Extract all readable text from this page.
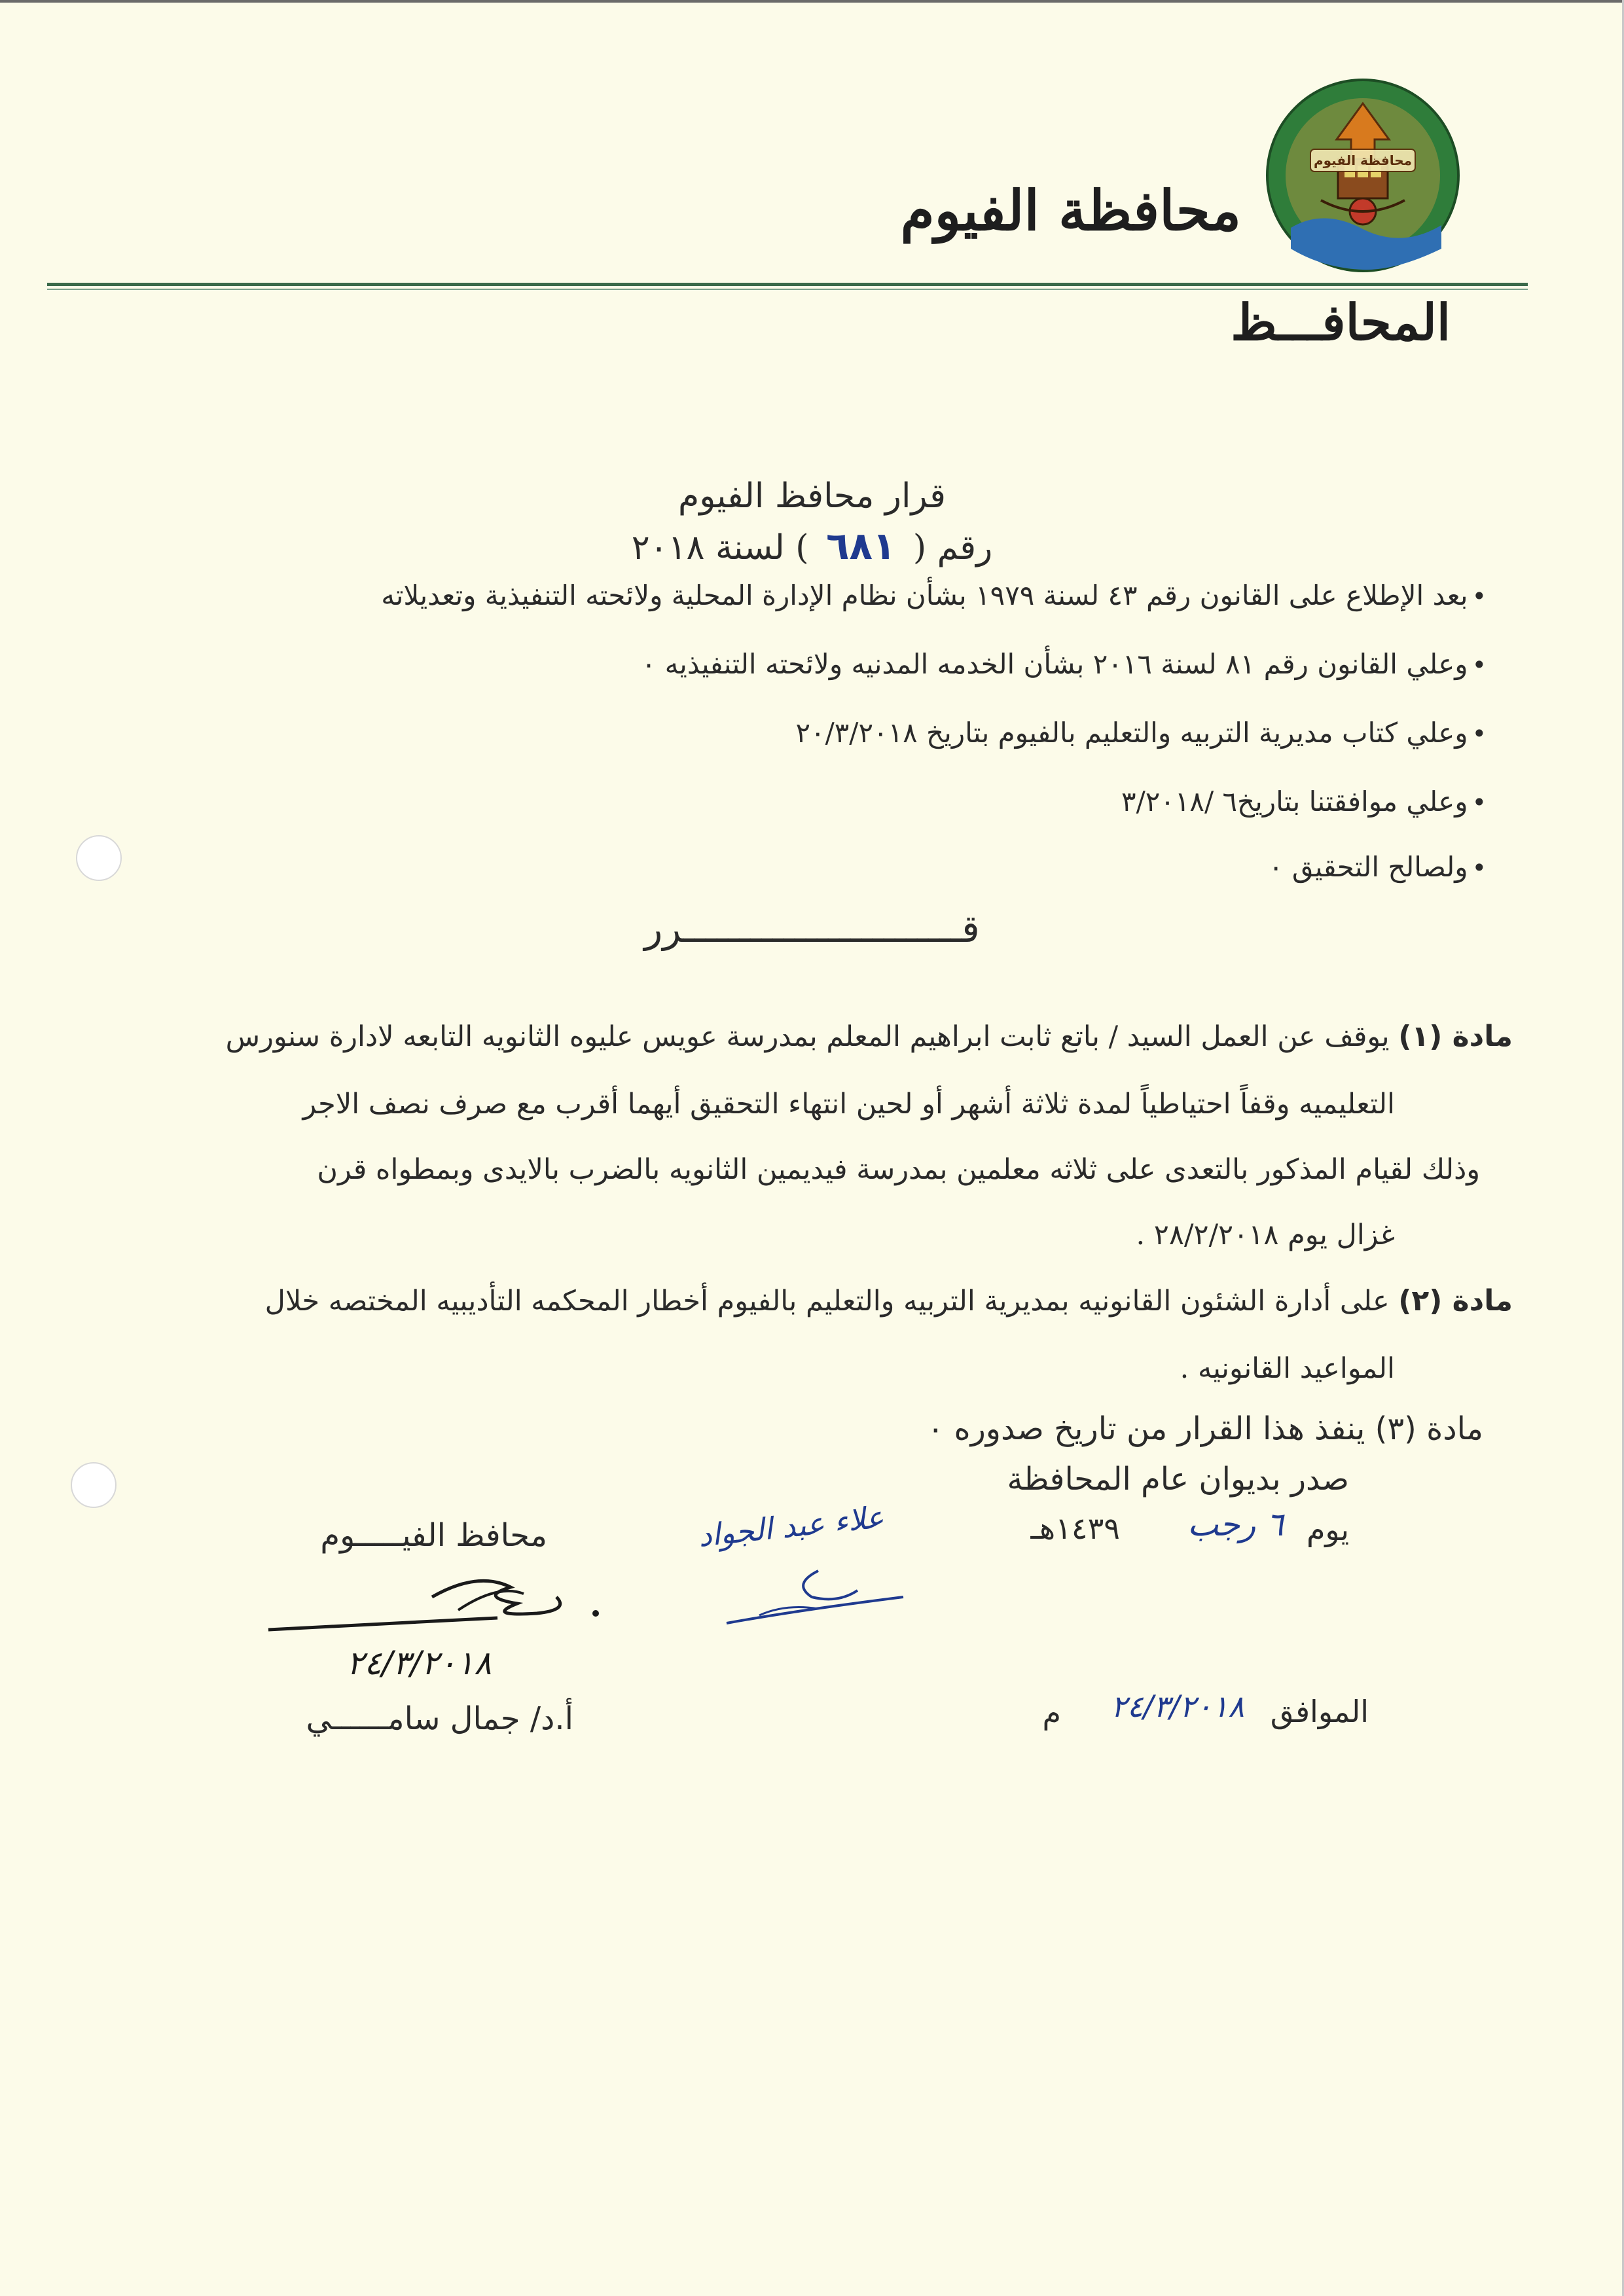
محافظة الفيوم
محافظة الفيوم
المحافـــظ
قرار محافظ الفيوم
رقم ( ٦٨١ ) لسنة ٢٠١٨
•بعد الإطلاع على القانون رقم ٤٣ لسنة ١٩٧٩ بشأن نظام الإدارة المحلية ولائحته التنفيذية وتعديلاته
•وعلي القانون رقم ٨١ لسنة ٢٠١٦ بشأن الخدمه المدنيه ولائحته التنفيذيه ٠
•وعلي كتاب مديرية التربيه والتعليم بالفيوم بتاريخ ٢٠/٣/٢٠١٨
•وعلي موافقتنا بتاريخ٦ /٣/٢٠١٨
•ولصالح التحقيق ٠
قـــــــــــــــــــــــــرر
مادة (١) يوقف عن العمل السيد / باتع ثابت ابراهيم المعلم بمدرسة عويس عليوه الثانويه التابعه لادارة سنورس
التعليميه وقفاً احتياطياً لمدة ثلاثة أشهر أو لحين انتهاء التحقيق أيهما أقرب مع صرف نصف الاجر
وذلك لقيام المذكور بالتعدى على ثلاثه معلمين بمدرسة فيديمين الثانويه بالضرب بالايدى وبمطواه قرن
غزال يوم ٢٨/٢/٢٠١٨ .
مادة (٢) على أدارة الشئون القانونيه بمديرية التربيه والتعليم بالفيوم أخطار المحكمه التأديبيه المختصه خلال
المواعيد القانونيه .
مادة (٣) ينفذ هذا القرار من تاريخ صدوره ٠
صدر بديوان عام المحافظة
يوم
٦ رجب
١٤٣٩هـ
الموافق
٢٤/٣/٢٠١٨
م
علاء عبد الجواد
محافظ الفيـــــوم
٢٤/٣/٢٠١٨
أ.د/ جمال سامــــــي
